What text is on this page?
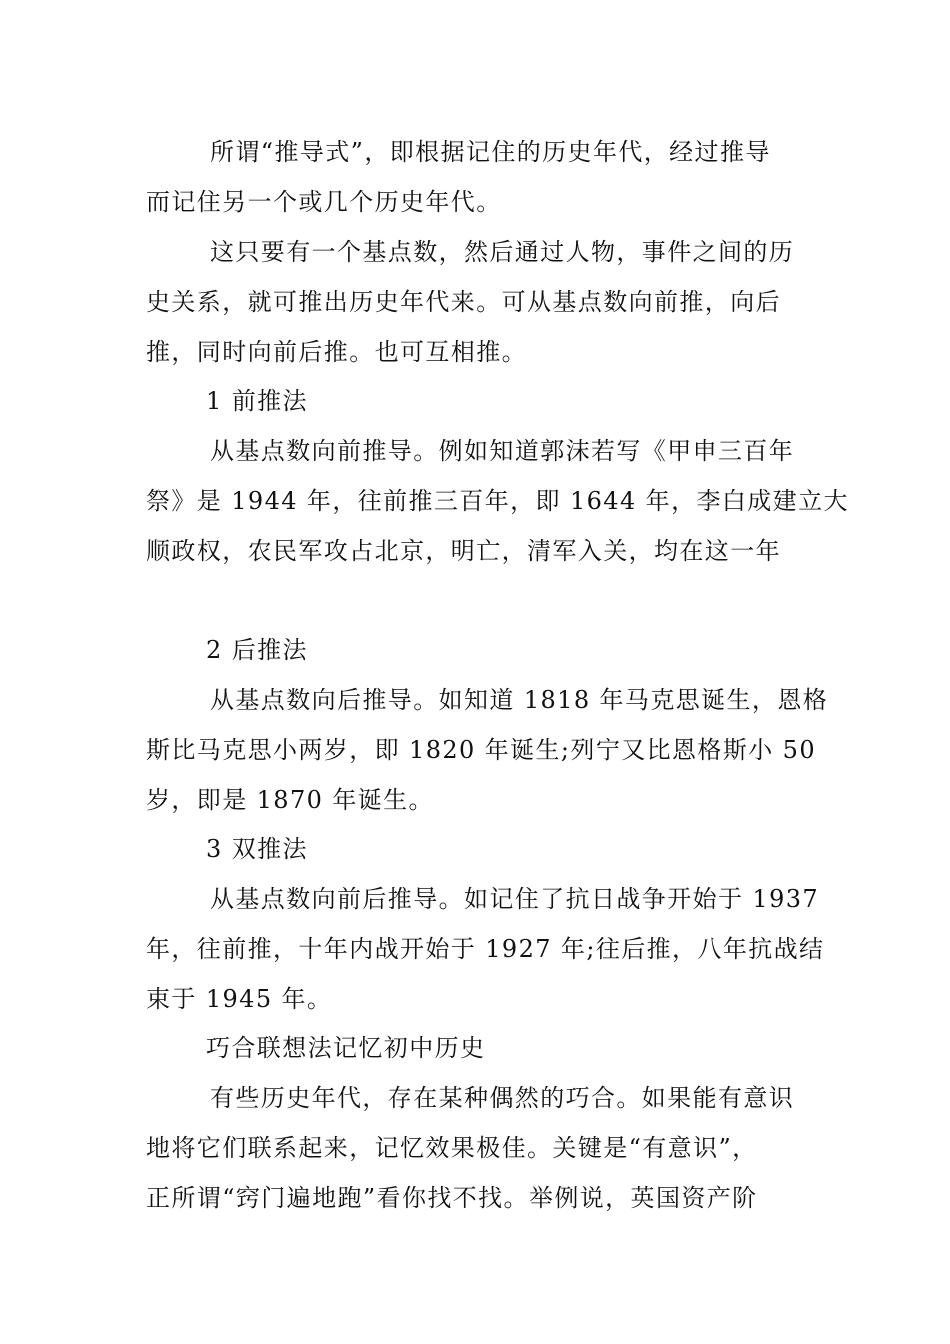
所谓“推导式”，即根据记住的历史年代，经过推导
而记住另一个或几个历史年代。
这只要有一个基点数，然后通过人物，事件之间的历
史关系，就可推出历史年代来。可从基点数向前推，向后
推，同时向前后推。也可互相推。
1 前推法
从基点数向前推导。例如知道郭沫若写《甲申三百年
祭》是 1944 年，往前推三百年，即 1644 年，李白成建立大
顺政权，农民军攻占北京，明亡，清军入关，均在这一年
2 后推法
从基点数向后推导。如知道 1818 年马克思诞生，恩格
斯比马克思小两岁，即 1820 年诞生;列宁又比恩格斯小 50
岁，即是 1870 年诞生。
3 双推法
从基点数向前后推导。如记住了抗日战争开始于 1937
年，往前推，十年内战开始于 1927 年;往后推，八年抗战结
束于 1945 年。
巧合联想法记忆初中历史
有些历史年代，存在某种偶然的巧合。如果能有意识
地将它们联系起来，记忆效果极佳。关键是“有意识”，
正所谓“窍门遍地跑”看你找不找。举例说，英国资产阶
